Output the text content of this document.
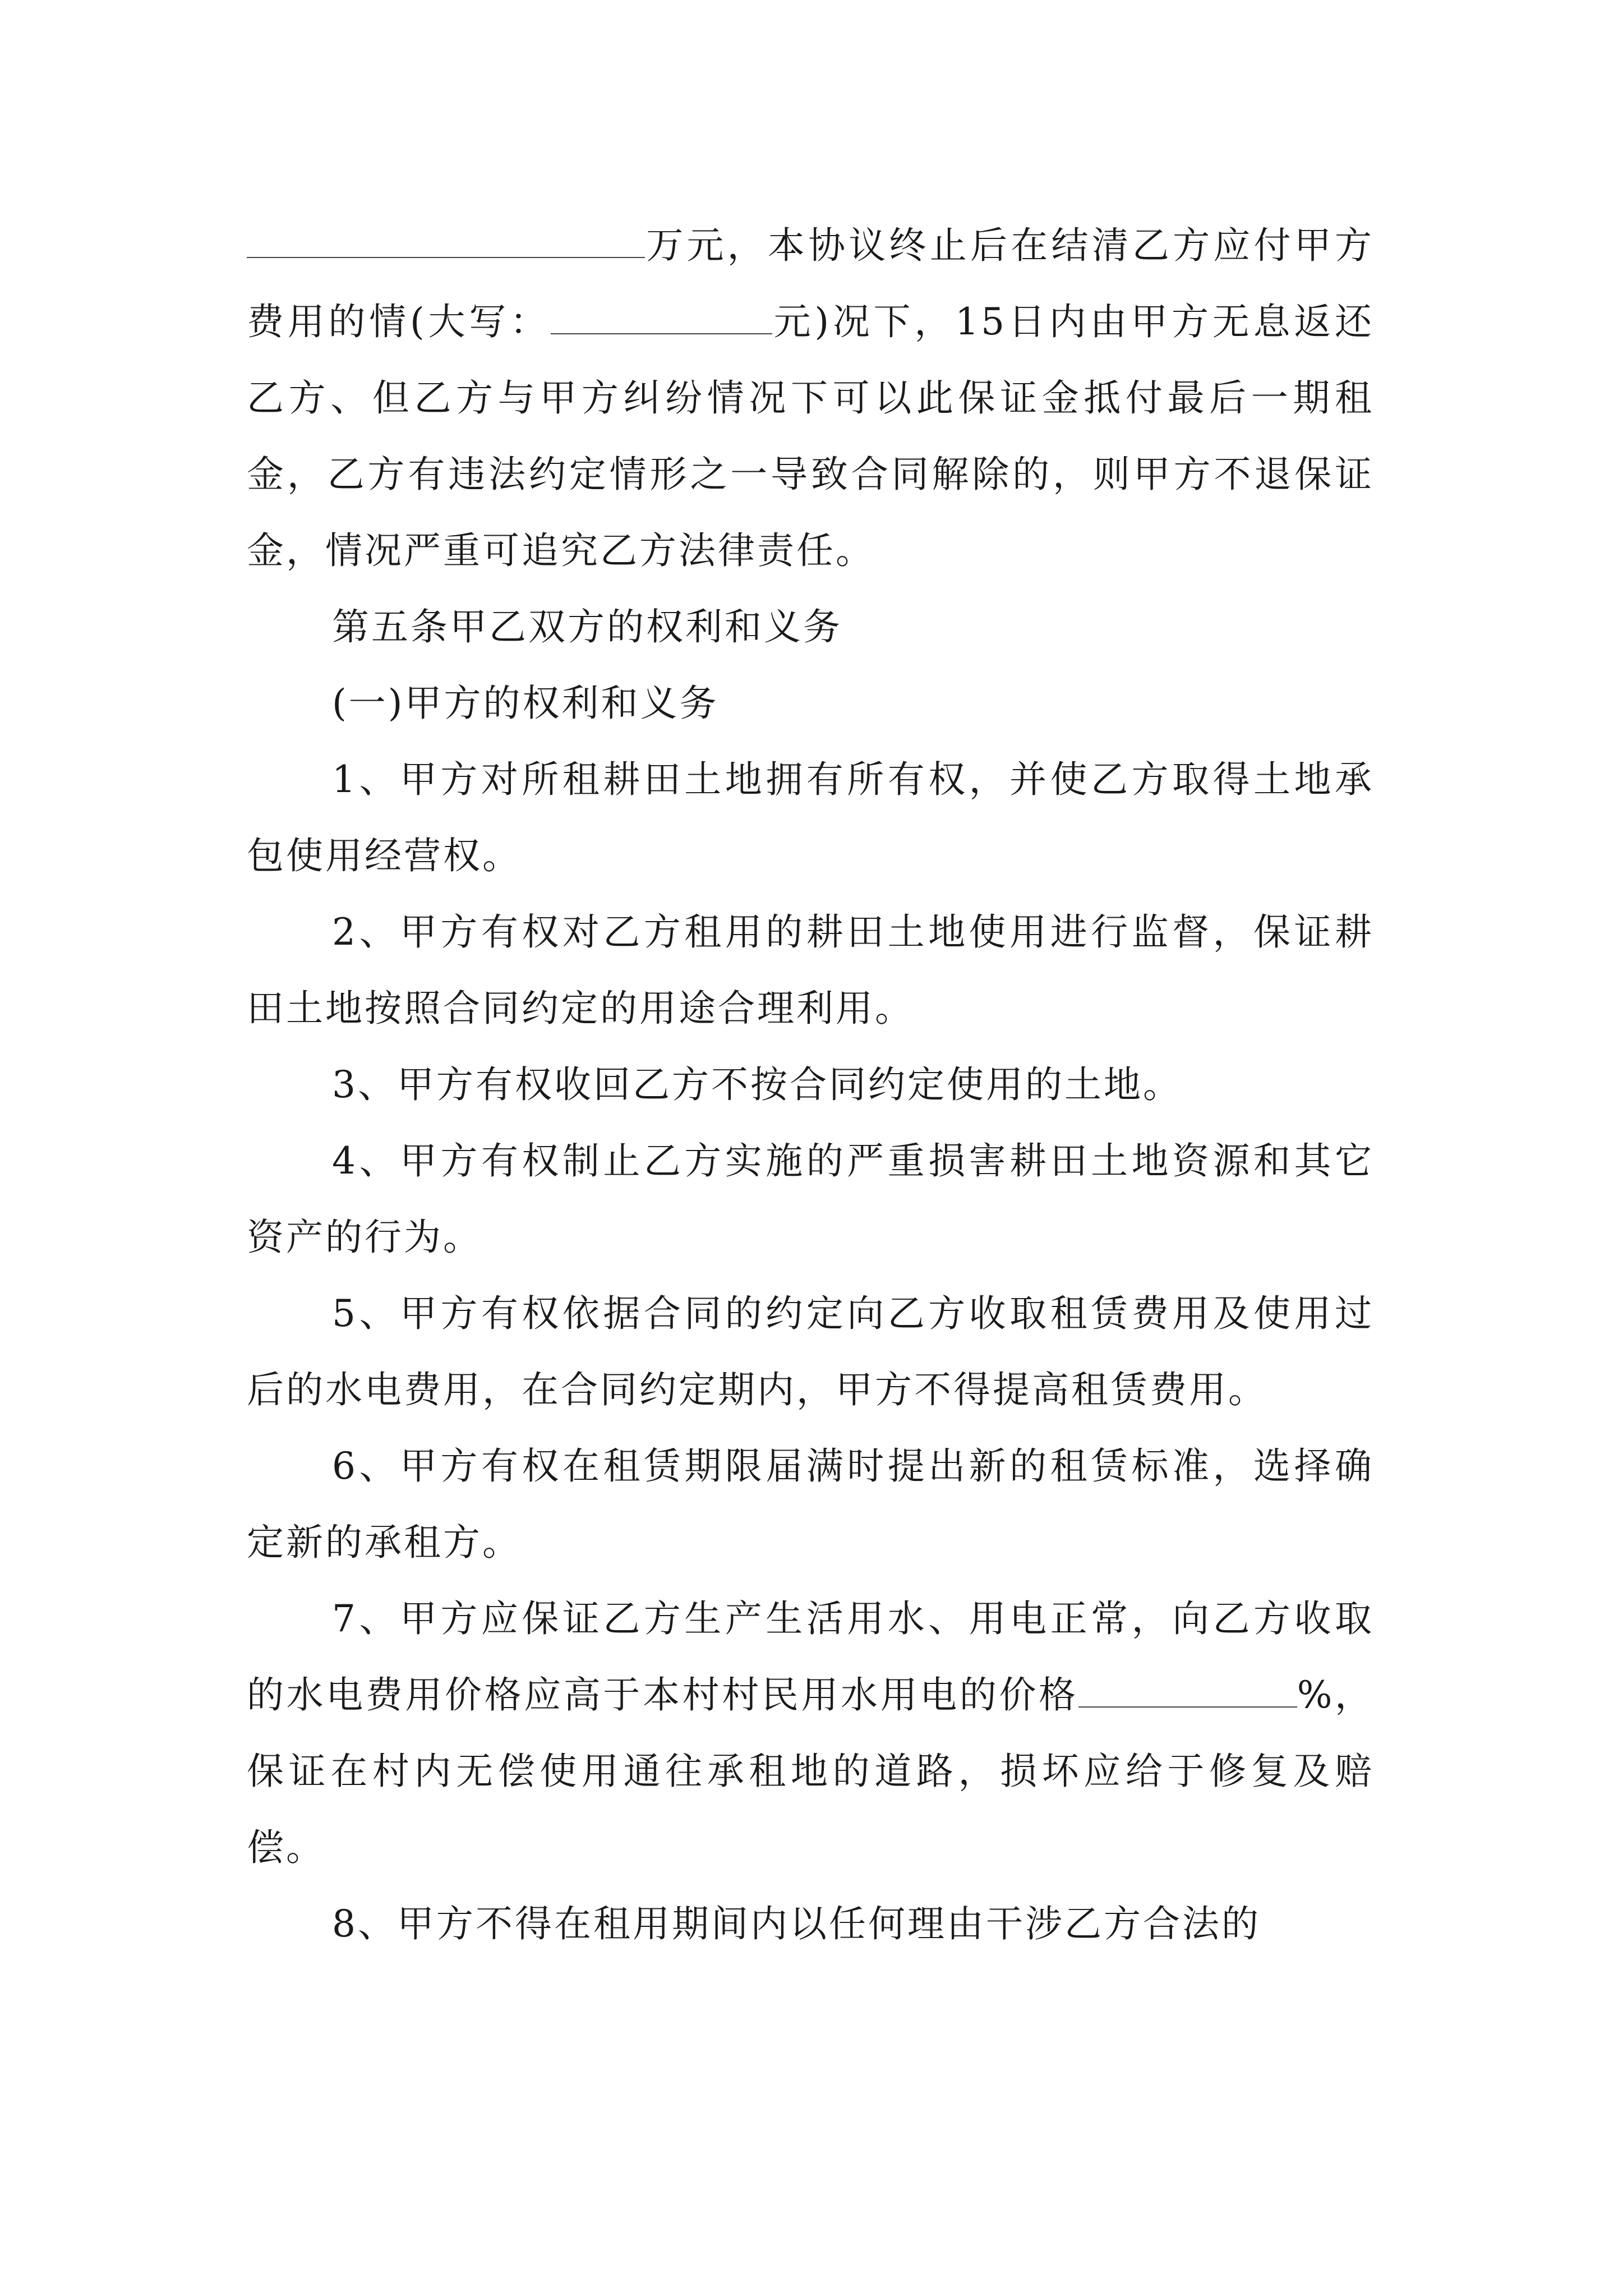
万元，本协议终止后在结清乙方应付甲方费用的情(大写：	元)况下，15日内由甲方无息返还乙方、但乙方与甲方纠纷情况下可以此保证金抵付最后一期租金，乙方有违法约定情形之一导致合同解除的，则甲方不退保证金，情况严重可追究乙方法律责任。

第五条甲乙双方的权利和义务

(一)甲方的权利和义务

1、甲方对所租耕田土地拥有所有权，并使乙方取得土地承包使用经营权。

2、甲方有权对乙方租用的耕田土地使用进行监督，保证耕田土地按照合同约定的用途合理利用。

3、甲方有权收回乙方不按合同约定使用的土地。

4、甲方有权制止乙方实施的严重损害耕田土地资源和其它资产的行为。

5、甲方有权依据合同的约定向乙方收取租赁费用及使用过后的水电费用，在合同约定期内，甲方不得提高租赁费用。

6、甲方有权在租赁期限届满时提出新的租赁标准，选择确定新的承租方。

7、甲方应保证乙方生产生活用水、用电正常，向乙方收取的水电费用价格应高于本村村民用水用电的价格	%，保证在村内无偿使用通往承租地的道路，损坏应给于修复及赔偿。

8、甲方不得在租用期间内以任何理由干涉乙方合法的
